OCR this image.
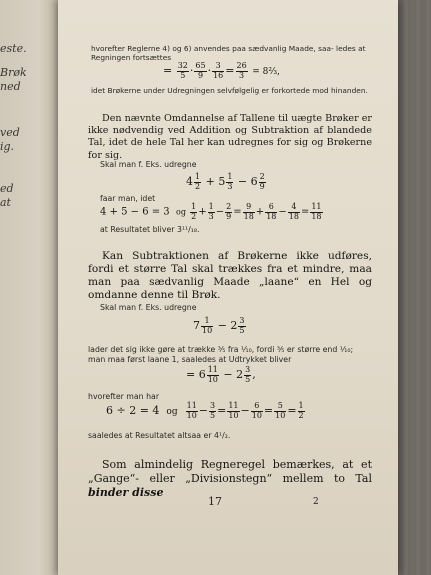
este.
Brøk
ned
ved
ig.
ed
at
hvorefter Reglerne 4) og 6) anvendes paa sædvanlig Maade, saa- ledes at Regningen fortsættes
= $\frac{32}{5} \cdot \frac{65}{9} \cdot \frac{3}{16} = \frac{26}{3}$ = 8⅔,
idet Brøkerne under Udregningen selvfølgelig er forkortede mod hinanden.
Den nævnte Omdannelse af Tallene til uægte Brøker er ikke nødvendig ved Addition og Subtraktion af blandede Tal, idet de hele Tal her kan udregnes for sig og Brøkerne for sig.
Skal man f. Eks. udregne
$4 \frac{1}{2} + 5 \frac{1}{3} - 6 \frac{2}{9}$
faar man, idet
4 + 5 − 6 = 3 og $\frac{1}{2} + \frac{1}{3} - \frac{2}{9} = \frac{9}{18} + \frac{6}{18} - \frac{4}{18} = \frac{11}{18}$
at Resultatet bliver 3¹¹/₁₈.
Kan Subtraktionen af Brøkerne ikke udføres, fordi et større Tal skal trækkes fra et mindre, maa man paa sædvanlig Maade „laane“ en Hel og omdanne denne til Brøk.
Skal man f. Eks. udregne
$7 \frac{1}{10} - 2 \frac{3}{5}$
lader det sig ikke gøre at trække ³⁄₅ fra ¹⁄₁₀, fordi ³⁄₅ er større end ¹⁄₁₀; man maa først laane 1, saaledes at Udtrykket bliver
= $6 \frac{11}{10} - 2 \frac{3}{5}$ ,
hvorefter man har
6 ÷ 2 = 4 og $\frac{11}{10} - \frac{3}{5} = \frac{11}{10} - \frac{6}{10} = \frac{5}{10} = \frac{1}{2}$
saaledes at Resultatet altsaa er 4¹/₂.
Som almindelig Regneregel bemærkes, at et „Gange“- eller „Divisionstegn“ mellem to Tal binder disse
17	2
